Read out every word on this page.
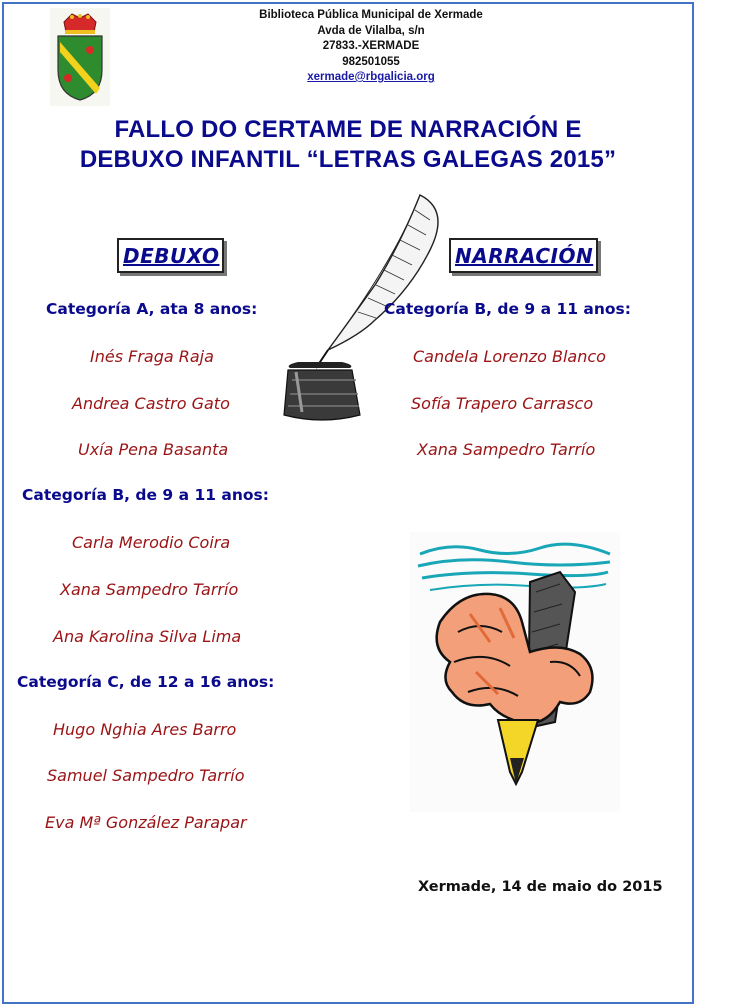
Biblioteca Pública Municipal de Xermade
Avda de Vilalba, s/n
27833.-XERMADE
982501055
xermade@rbgalicia.org
FALLO DO CERTAME DE NARRACIÓN E
DEBUXO INFANTIL “LETRAS GALEGAS 2015”
DEBUXO
Categoría A, ata 8 anos:
Inés Fraga Raja
Andrea Castro Gato
Uxía Pena Basanta
Categoría B, de 9 a 11 anos:
Carla Merodio Coira
Xana Sampedro Tarrío
Ana Karolina Silva Lima
Categoría C, de 12 a 16 anos:
Hugo Nghia Ares Barro
Samuel Sampedro Tarrío
Eva Mª González Parapar
NARRACIÓN
Categoría B, de 9 a 11 anos:
Candela Lorenzo Blanco
Sofía Trapero Carrasco
Xana Sampedro Tarrío
Xermade, 14 de maio do 2015
